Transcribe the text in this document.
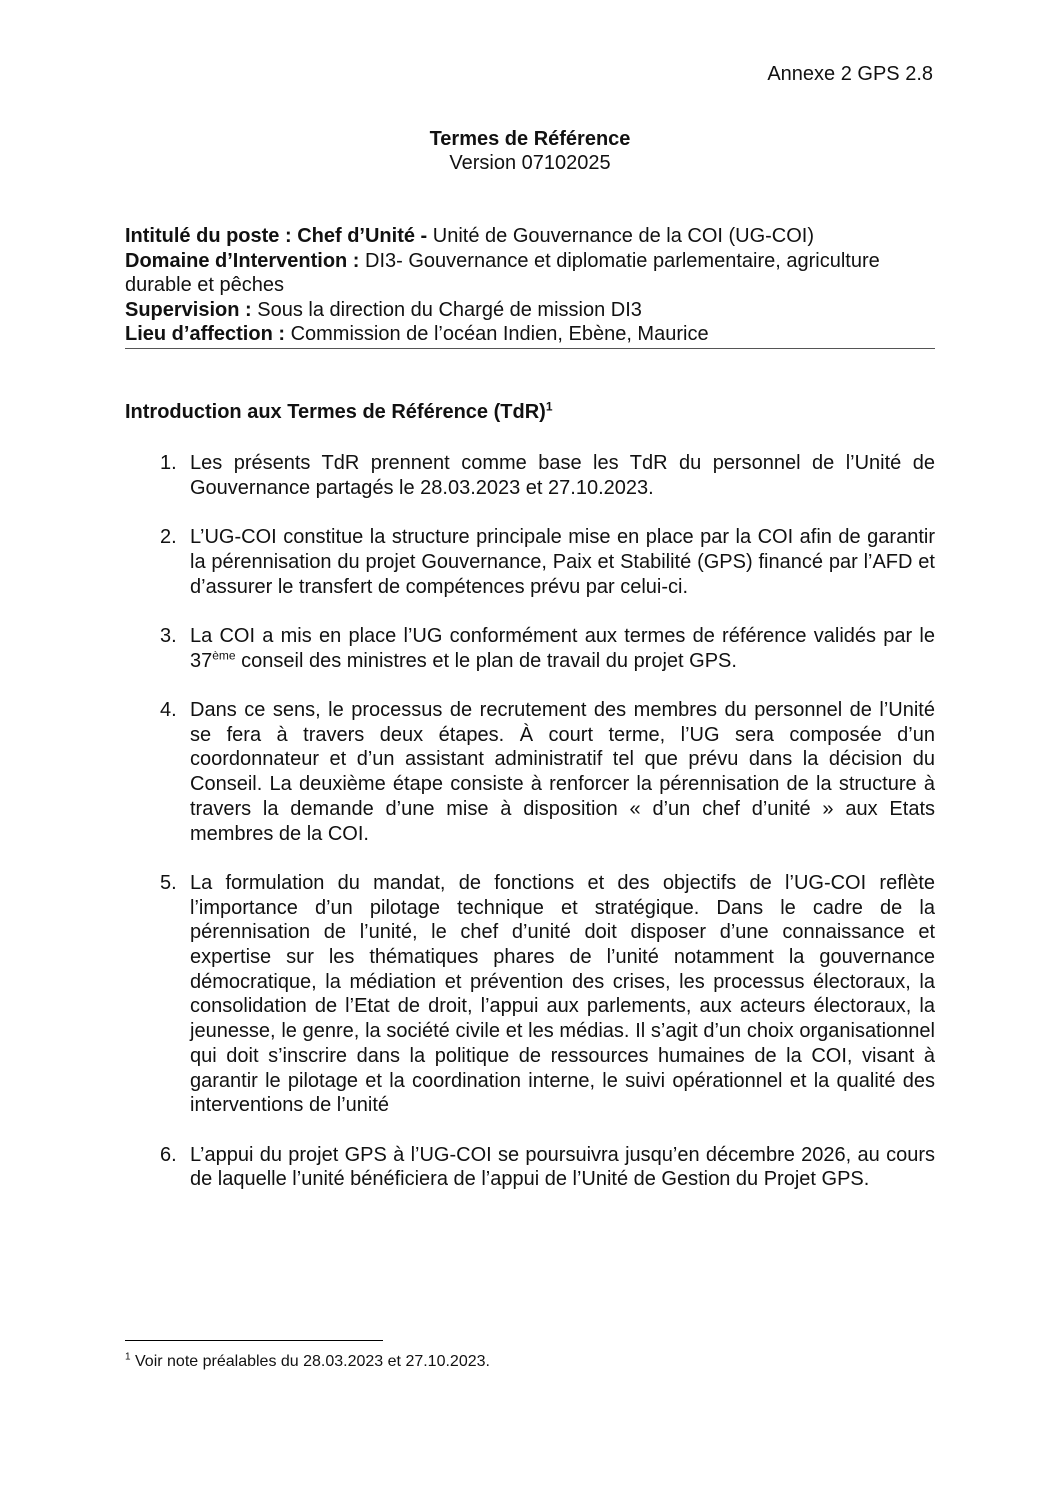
Annexe 2 GPS 2.8
Termes de Référence
Version 07102025
Intitulé du poste : Chef d’Unité - Unité de Gouvernance de la COI (UG-COI)
Domaine d’Intervention : DI3- Gouvernance et diplomatie parlementaire, agriculture durable et pêches
Supervision : Sous la direction du Chargé de mission DI3
Lieu d’affection : Commission de l’océan Indien, Ebène, Maurice
Introduction aux Termes de Référence (TdR)$^1$
1. Les présents TdR prennent comme base les TdR du personnel de l’Unité de Gouvernance partagés le 28.03.2023 et 27.10.2023.
2. L’UG-COI constitue la structure principale mise en place par la COI afin de garantir la pérennisation du projet Gouvernance, Paix et Stabilité (GPS) financé par l’AFD et d’assurer le transfert de compétences prévu par celui-ci.
3. La COI a mis en place l’UG conformément aux termes de référence validés par le 37ème conseil des ministres et le plan de travail du projet GPS.
4. Dans ce sens, le processus de recrutement des membres du personnel de l’Unité se fera à travers deux étapes. À court terme, l’UG sera composée d’un coordonnateur et d’un assistant administratif tel que prévu dans la décision du Conseil. La deuxième étape consiste à renforcer la pérennisation de la structure à travers la demande d’une mise à disposition « d’un chef d’unité » aux Etats membres de la COI.
5. La formulation du mandat, de fonctions et des objectifs de l’UG-COI reflète l’importance d’un pilotage technique et stratégique. Dans le cadre de la pérennisation de l’unité, le chef d’unité doit disposer d’une connaissance et expertise sur les thématiques phares de l’unité notamment la gouvernance démocratique, la médiation et prévention des crises, les processus électoraux, la consolidation de l’Etat de droit, l’appui aux parlements, aux acteurs électoraux, la jeunesse, le genre, la société civile et les médias. Il s’agit d’un choix organisationnel qui doit s’inscrire dans la politique de ressources humaines de la COI, visant à garantir le pilotage et la coordination interne, le suivi opérationnel et la qualité des interventions de l’unité
6. L’appui du projet GPS à l’UG-COI se poursuivra jusqu’en décembre 2026, au cours de laquelle l’unité bénéficiera de l’appui de l’Unité de Gestion du Projet GPS.
$^1$ Voir note préalables du 28.03.2023 et 27.10.2023.
